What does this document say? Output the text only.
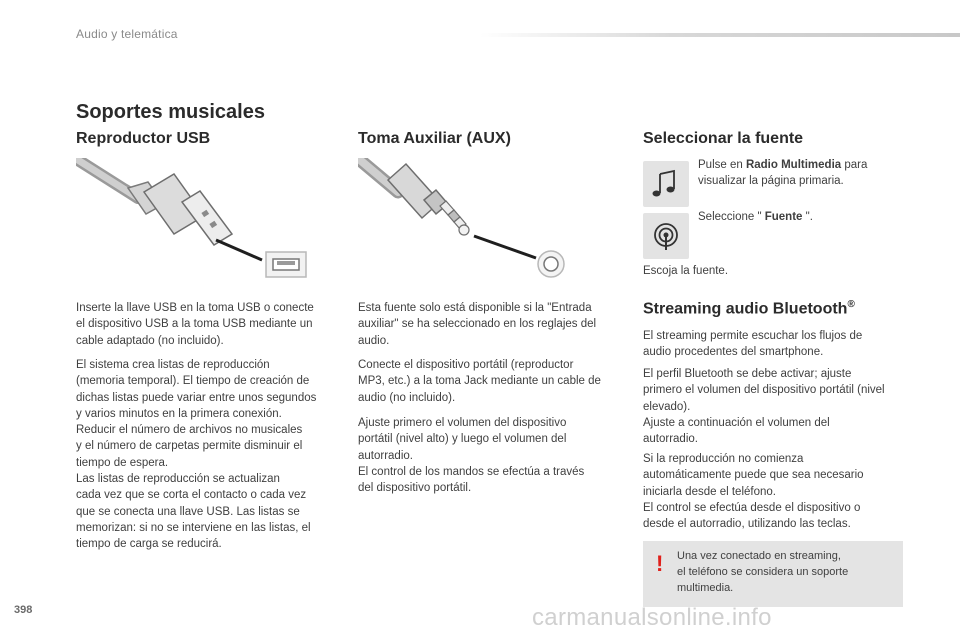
Audio y telemática
Soportes musicales
Reproductor USB
Inserte la llave USB en la toma USB o conecte
el dispositivo USB a la toma USB mediante un
cable adaptado (no incluido).
El sistema crea listas de reproducción
(memoria temporal). El tiempo de creación de
dichas listas puede variar entre unos segundos
y varios minutos en la primera conexión.
Reducir el número de archivos no musicales
y el número de carpetas permite disminuir el
tiempo de espera.
Las listas de reproducción se actualizan
cada vez que se corta el contacto o cada vez
que se conecta una llave USB. Las listas se
memorizan: si no se interviene en las listas, el
tiempo de carga se reducirá.
Toma Auxiliar (AUX)
Esta fuente solo está disponible si la "Entrada
auxiliar" se ha seleccionado en los reglajes del
audio.
Conecte el dispositivo portátil (reproductor
MP3, etc.) a la toma Jack mediante un cable de
audio (no incluido).
Ajuste primero el volumen del dispositivo
portátil (nivel alto) y luego el volumen del
autorradio.
El control de los mandos se efectúa a través
del dispositivo portátil.
Seleccionar la fuente
Pulse en Radio Multimedia para
visualizar la página primaria.
Seleccione " Fuente ".
Escoja la fuente.
Streaming audio Bluetooth®
El streaming permite escuchar los flujos de
audio procedentes del smartphone.
El perfil Bluetooth se debe activar; ajuste
primero el volumen del dispositivo portátil (nivel
elevado).
Ajuste a continuación el volumen del
autorradio.
Si la reproducción no comienza
automáticamente puede que sea necesario
iniciarla desde el teléfono.
El control se efectúa desde el dispositivo o
desde el autorradio, utilizando las teclas.
! Una vez conectado en streaming,
el teléfono se considera un soporte
multimedia.
398	carmanualsonline.info
